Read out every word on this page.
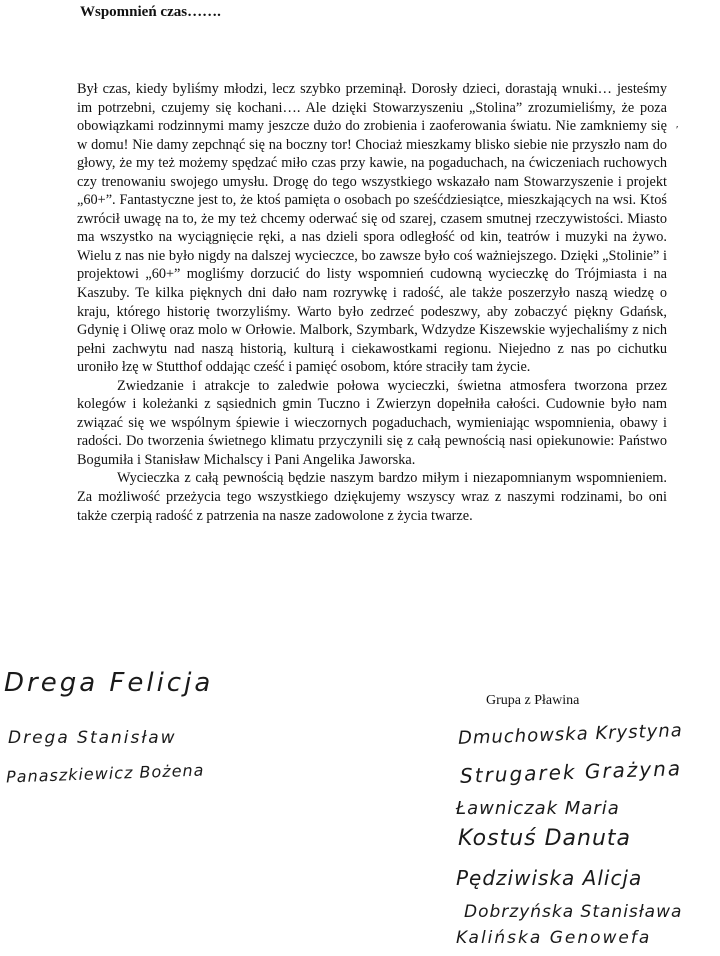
Wspomnień czas…….

Był czas, kiedy byliśmy młodzi, lecz szybko przeminął. Dorosły dzieci, dorastają wnuki… jesteśmy im potrzebni, czujemy się kochani…. Ale dzięki Stowarzyszeniu „Stolina” zrozumieliśmy, że poza obowiązkami rodzinnymi mamy jeszcze dużo do zrobienia i zaoferowania światu. Nie zamkniemy się w domu! Nie damy zepchnąć się na boczny tor! Chociaż mieszkamy blisko siebie nie przyszło nam do głowy, że my też możemy spędzać miło czas przy kawie, na pogaduchach, na ćwiczeniach ruchowych czy trenowaniu swojego umysłu. Drogę do tego wszystkiego wskazało nam Stowarzyszenie i projekt „60+”. Fantastyczne jest to, że ktoś pamięta o osobach po sześćdziesiątce, mieszkających na wsi. Ktoś zwrócił uwagę na to, że my też chcemy oderwać się od szarej, czasem smutnej rzeczywistości. Miasto ma wszystko na wyciągnięcie ręki, a nas dzieli spora odległość od kin, teatrów i muzyki na żywo. Wielu z nas nie było nigdy na dalszej wycieczce, bo zawsze było coś ważniejszego. Dzięki „Stolinie” i projektowi „60+” mogliśmy dorzucić do listy wspomnień cudowną wycieczkę do Trójmiasta i na Kaszuby. Te kilka pięknych dni dało nam rozrywkę i radość, ale także poszerzyło naszą wiedzę o kraju, którego historię tworzyliśmy. Warto było zedrzeć podeszwy, aby zobaczyć piękny Gdańsk, Gdynię i Oliwę oraz molo w Orłowie. Malbork, Szymbark, Wdzydze Kiszewskie wyjechaliśmy z nich pełni zachwytu nad naszą historią, kulturą i ciekawostkami regionu. Niejedno z nas po cichutku uroniło łzę w Stutthof oddając cześć i pamięć osobom, które straciły tam życie.

Zwiedzanie i atrakcje to zaledwie połowa wycieczki, świetna atmosfera tworzona przez kolegów i koleżanki z sąsiednich gmin Tuczno i Zwierzyn dopełniła całości. Cudownie było nam związać się we wspólnym śpiewie i wieczornych pogaduchach, wymieniając wspomnienia, obawy i radości. Do tworzenia świetnego klimatu przyczynili się z całą pewnością nasi opiekunowie: Państwo Bogumiła i Stanisław Michalscy i Pani Angelika Jaworska.

Wycieczka z całą pewnością będzie naszym bardzo miłym i niezapomnianym wspomnieniem. Za możliwość przeżycia tego wszystkiego dziękujemy wszyscy wraz z naszymi rodzinami, bo oni także czerpią radość z patrzenia na nasze zadowolone z życia twarze.

′
Grupa z Pławina
Drega Felicja
Drega Stanisław
Panaszkiewicz Bożena
Dmuchowska Krystyna
Strugarek Grażyna
Ławniczak Maria
Kostuś Danuta
Pędziwiska Alicja
Dobrzyńska Stanisława
Kalińska Genowefa
